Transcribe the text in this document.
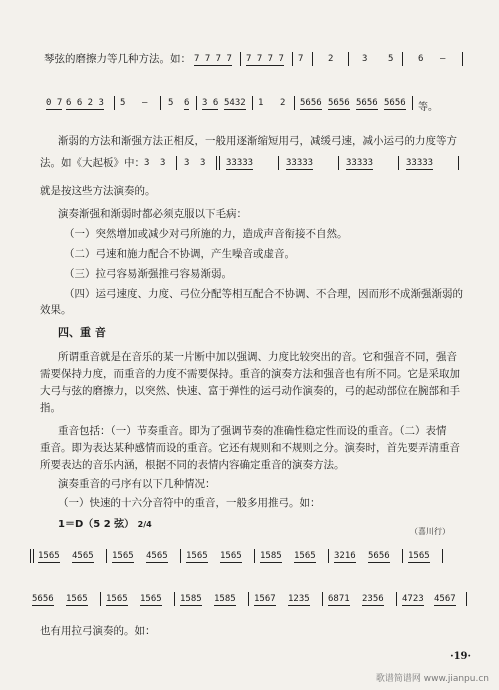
琴弦的磨擦力等几种方法。如： 7 7 7 7 7 7 7 7 7	2	3 5	6 —
0 7 6 6 2 3 5 — 5 6 3 6 5432 1 2 5656 5656 5656 5656 等。
渐弱的方法和渐强方法正相反，一般用逐渐缩短用弓，减缓弓速，减小运弓的力度等方
法。如《大起板》中： 3 3 3 3 33333	33333	33333	33333
就是按这些方法演奏的。
演奏渐强和渐弱时都必须克服以下毛病：
（一）突然增加或减少对弓所施的力，造成声音衔接不自然。
（二）弓速和施力配合不协调，产生噪音或虚音。
（三）拉弓容易渐强推弓容易渐弱。
（四）运弓速度、力度、弓位分配等相互配合不协调、不合理，因而形不成渐强渐弱的
效果。
四、重 音
所谓重音就是在音乐的某一片断中加以强调、力度比较突出的音。它和强音不同，强音
需要保持力度，而重音的力度不需要保持。重音的演奏方法和强音也有所不同。它是采取加
大弓与弦的磨擦力，以突然、快速、富于弹性的运弓动作演奏的，弓的起动部位在腕部和手
指。
重音包括：（一）节奏重音。即为了强调节奏的准确性稳定性而设的重音。（二）表情
重音。即为表达某种感情而设的重音。它还有规则和不规则之分。演奏时，首先要弄清重音
所要表达的音乐内涵，根据不同的表情内容确定重音的演奏方法。
演奏重音的弓序有以下几种情况：
（一）快速的十六分音符中的重音，一般多用推弓。如：
1＝D（5 2 弦） 2/4
（喜川行）
1565 4565 1565 4565 1565 1565 1585 1565 3216 5656 1565
5656 1565 1565 1565 1585 1585 1567 1235 6871 2356 4723 4567
也有用拉弓演奏的。如：
·19·
歌谱简谱网 www.jianpu.cn
